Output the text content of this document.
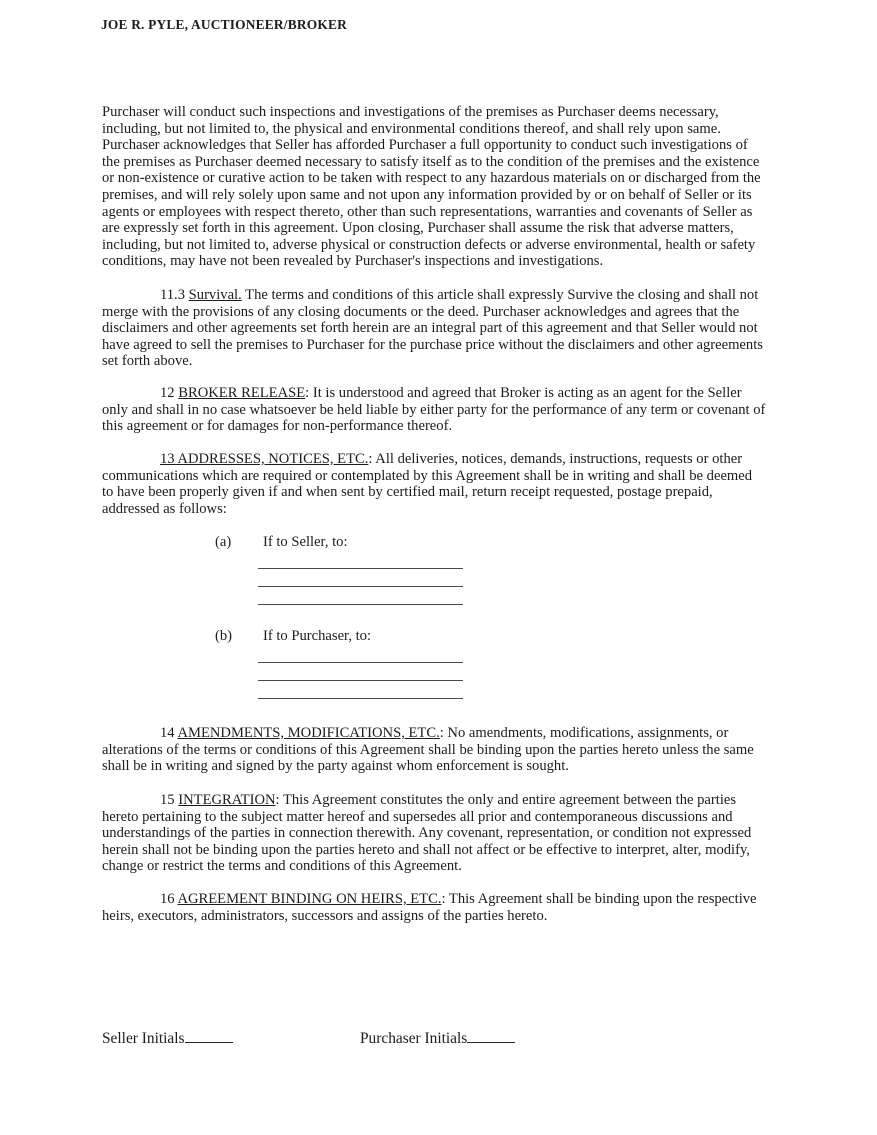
JOE R. PYLE, AUCTIONEER/BROKER

Purchaser will conduct such inspections and investigations of the premises as Purchaser deems necessary, including, but not limited to, the physical and environmental conditions thereof, and shall rely upon same. Purchaser acknowledges that Seller has afforded Purchaser a full opportunity to conduct such investigations of the premises as Purchaser deemed necessary to satisfy itself as to the condition of the premises and the existence or non-existence or curative action to be taken with respect to any hazardous materials on or discharged from the premises, and will rely solely upon same and not upon any information provided by or on behalf of Seller or its agents or employees with respect thereto, other than such representations, warranties and covenants of Seller as are expressly set forth in this agreement. Upon closing, Purchaser shall assume the risk that adverse matters, including, but not limited to, adverse physical or construction defects or adverse environmental, health or safety conditions, may have not been revealed by Purchaser's inspections and investigations.

11.3 Survival. The terms and conditions of this article shall expressly Survive the closing and shall not merge with the provisions of any closing documents or the deed. Purchaser acknowledges and agrees that the disclaimers and other agreements set forth herein are an integral part of this agreement and that Seller would not have agreed to sell the premises to Purchaser for the purchase price without the disclaimers and other agreements set forth above.

12 BROKER RELEASE: It is understood and agreed that Broker is acting as an agent for the Seller only and shall in no case whatsoever be held liable by either party for the performance of any term or covenant of this agreement or for damages for non-performance thereof.

13 ADDRESSES, NOTICES, ETC.: All deliveries, notices, demands, instructions, requests or other communications which are required or contemplated by this Agreement shall be in writing and shall be deemed to have been properly given if and when sent by certified mail, return receipt requested, postage prepaid, addressed as follows:

(a) If to Seller, to:
(b) If to Purchaser, to:

14 AMENDMENTS, MODIFICATIONS, ETC.: No amendments, modifications, assignments, or alterations of the terms or conditions of this Agreement shall be binding upon the parties hereto unless the same shall be in writing and signed by the party against whom enforcement is sought.

15 INTEGRATION: This Agreement constitutes the only and entire agreement between the parties hereto pertaining to the subject matter hereof and supersedes all prior and contemporaneous discussions and understandings of the parties in connection therewith. Any covenant, representation, or condition not expressed herein shall not be binding upon the parties hereto and shall not affect or be effective to interpret, alter, modify, change or restrict the terms and conditions of this Agreement.

16 AGREEMENT BINDING ON HEIRS, ETC.: This Agreement shall be binding upon the respective heirs, executors, administrators, successors and assigns of the parties hereto.

Seller Initials	Purchaser Initials
